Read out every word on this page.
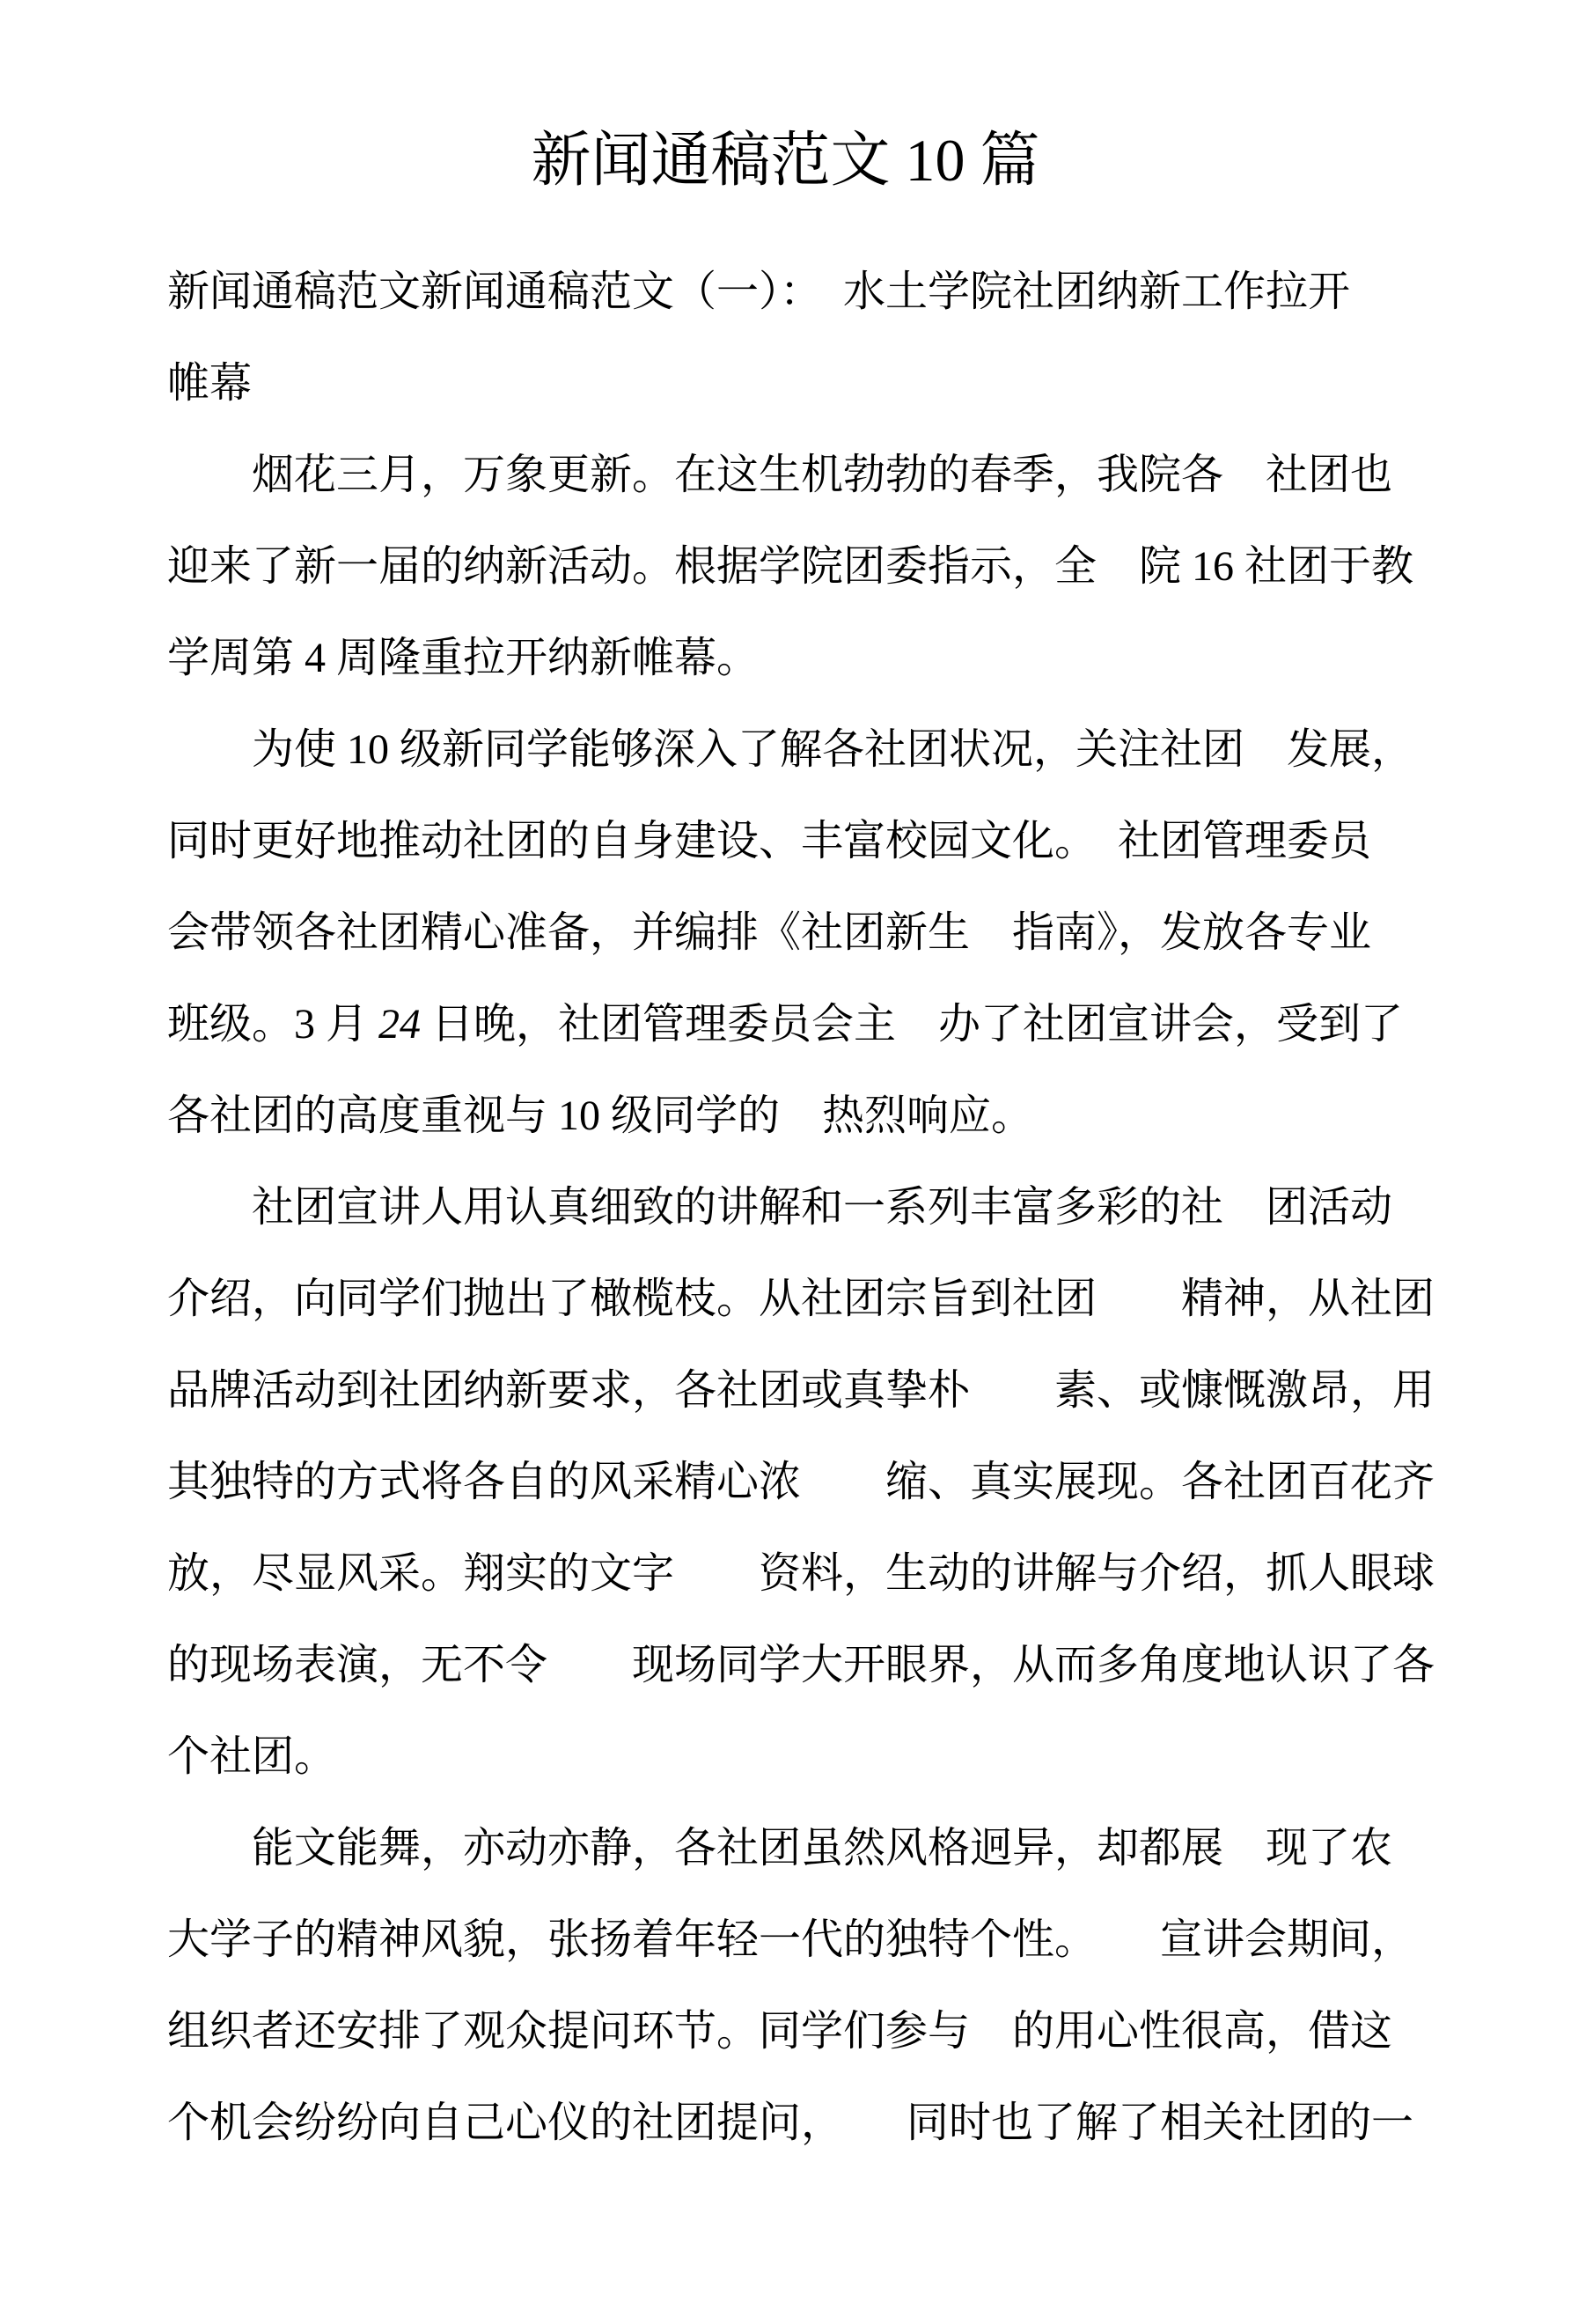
新闻通稿范文 10 篇
新闻通稿范文新闻通稿范文（一）：　水土学院社团纳新工作拉开
帷幕
烟花三月，万象更新。在这生机勃勃的春季，我院各　社团也
迎来了新一届的纳新活动。根据学院团委指示，全　院 16 社团于教
学周第 4 周隆重拉开纳新帷幕。
为使 10 级新同学能够深入了解各社团状况，关注社团　发展，
同时更好地推动社团的自身建设、丰富校园文化。　社团管理委员
会带领各社团精心准备，并编排《社团新生　指南》，发放各专业
班级。3 月 24 日晚，社团管理委员会主　办了社团宣讲会，受到了
各社团的高度重视与 10 级同学的　热烈响应。
社团宣讲人用认真细致的讲解和一系列丰富多彩的社　团活动
介绍，向同学们抛出了橄榄枝。从社团宗旨到社团　　精神，从社团
品牌活动到社团纳新要求，各社团或真挚朴　　素、或慷慨激昂，用
其独特的方式将各自的风采精心浓　　缩、真实展现。各社团百花齐
放，尽显风采。翔实的文字　　资料，生动的讲解与介绍，抓人眼球
的现场表演，无不令　　现场同学大开眼界，从而多角度地认识了各
个社团。
能文能舞，亦动亦静，各社团虽然风格迥异，却都展　现了农
大学子的精神风貌，张扬着年轻一代的独特个性。　　宣讲会期间，
组织者还安排了观众提问环节。同学们参与　的用心性很高，借这
个机会纷纷向自己心仪的社团提问，　　同时也了解了相关社团的一
